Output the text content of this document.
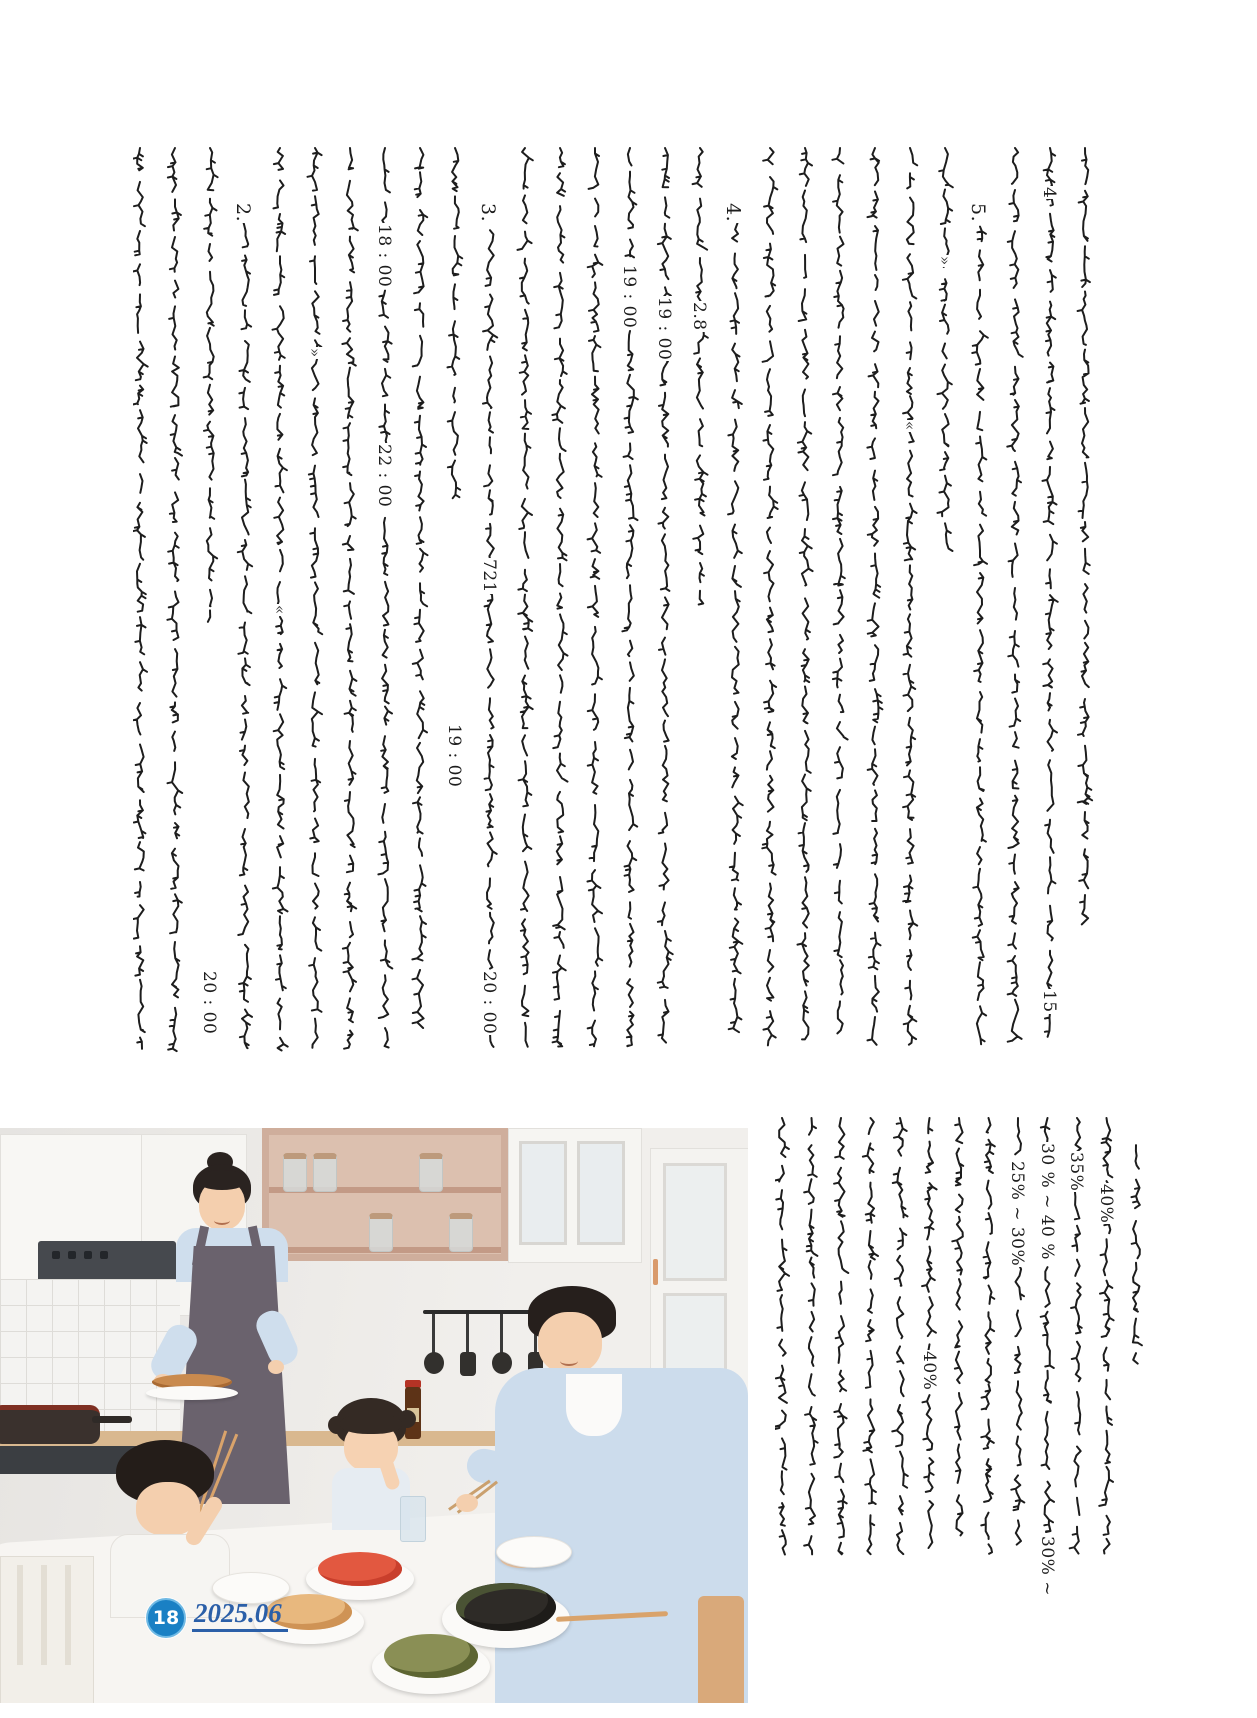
20 : 00
2.
«
»
18 : 00
22 : 00
19 : 00
3.
721
20 : 00
19 : 00
19 : 00 2.8
4.
«
»
5.
4
15
40%
25% ~ 30% 30 % ~ 40 %
30% ~
35%
40%
18 2025.06
